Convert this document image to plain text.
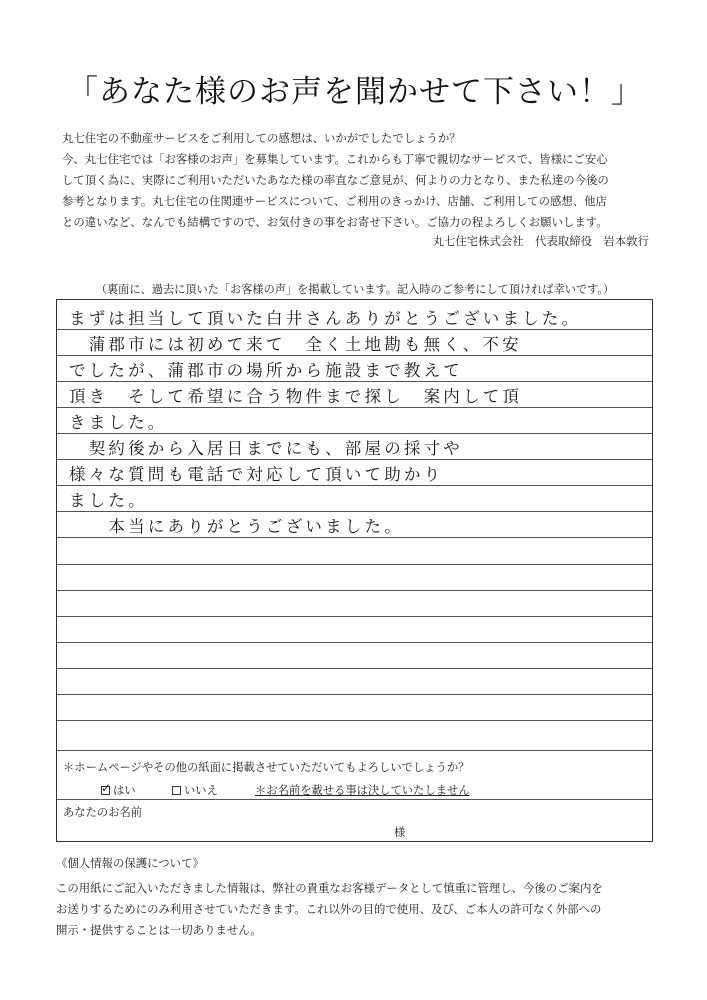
「あなた様のお声を聞かせて下さい！」
丸七住宅の不動産サービスをご利用しての感想は、いかがでしたでしょうか？
今、丸七住宅では「お客様のお声」を募集しています。これからも丁寧で親切なサービスで、皆様にご安心
して頂く為に、実際にご利用いただいたあなた様の率直なご意見が、何よりの力となり、また私達の今後の
参考となります。丸七住宅の住関連サービスについて、ご利用のきっかけ、店舗、ご利用しての感想、他店
との違いなど、なんでも結構ですので、お気付きの事をお寄せ下さい。ご協力の程よろしくお願いします。
丸七住宅株式会社　代表取締役　岩本敦行
（裏面に、過去に頂いた「お客様の声」を掲載しています。記入時のご参考にして頂ければ幸いです。）
まずは担当して頂いた白井さんありがとうございました。
　蒲郡市には初めて来て　全く土地勘も無く、不安
でしたが、蒲郡市の場所から施設まで教えて
頂き　そして希望に合う物件まで探し　案内して頂
きました。
　契約後から入居日までにも、部屋の採寸や
様々な質問も電話で対応して頂いて助かり
ました。
　　本当にありがとうございました。
＊ホームページやその他の紙面に掲載させていただいてもよろしいでしょうか？
✓ はい	いいえ	＊お名前を載せる事は決していたしません
あなたのお名前
様
《個人情報の保護について》
この用紙にご記入いただきました情報は、弊社の貴重なお客様データとして慎重に管理し、今後のご案内を
お送りするためにのみ利用させていただきます。これ以外の目的で使用、及び、ご本人の許可なく外部への
開示・提供することは一切ありません。
